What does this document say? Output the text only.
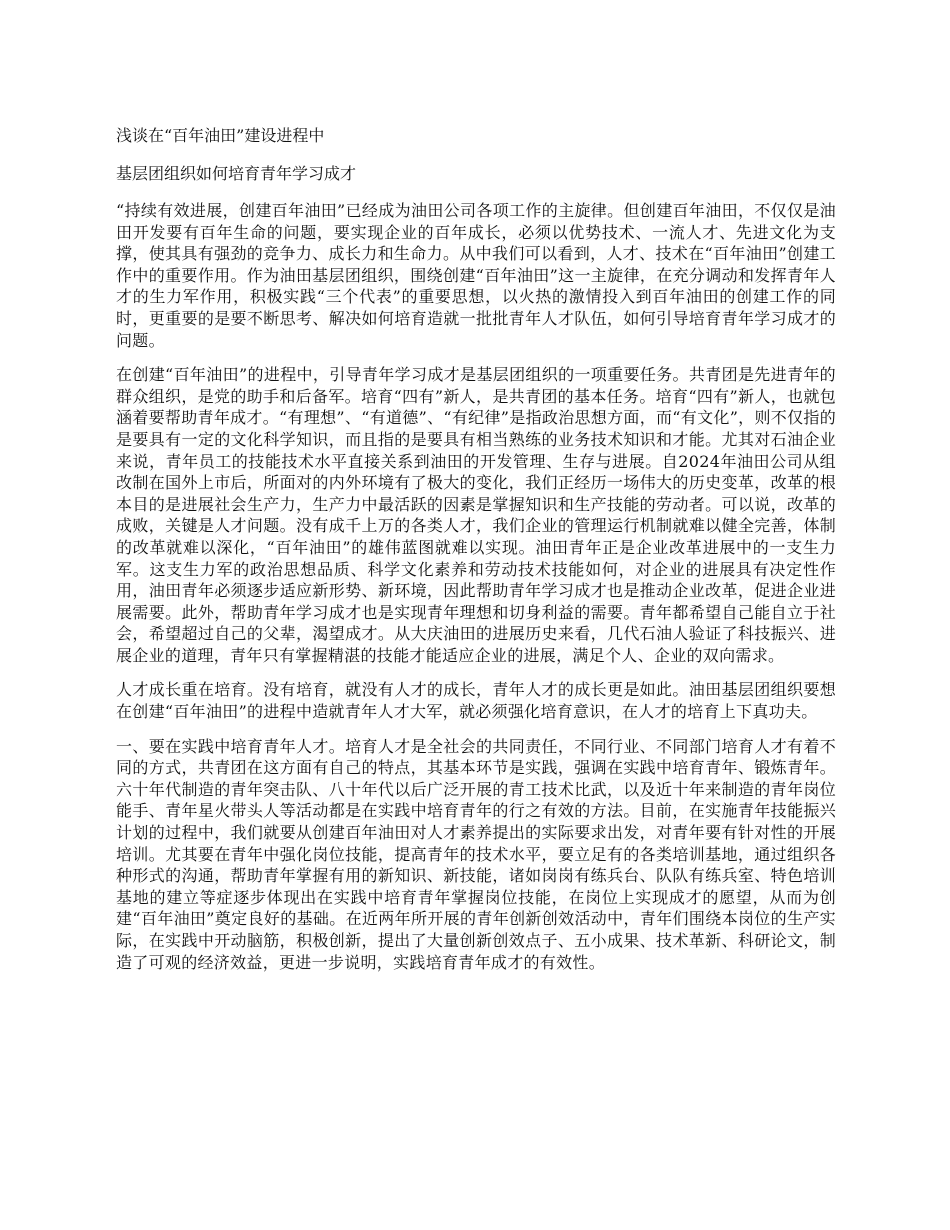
浅谈在“百年油田”建设进程中
基层团组织如何培育青年学习成才

“持续有效进展，创建百年油田”已经成为油田公司各项工作的主旋律。但创建百年油田，不仅仅是油田开发要有百年生命的问题，要实现企业的百年成长，必须以优势技术、一流人才、先进文化为支撑，使其具有强劲的竞争力、成长力和生命力。从中我们可以看到，人才、技术在“百年油田”创建工作中的重要作用。作为油田基层团组织，围绕创建“百年油田”这一主旋律，在充分调动和发挥青年人才的生力军作用，积极实践“三个代表”的重要思想，以火热的激情投入到百年油田的创建工作的同时，更重要的是要不断思考、解决如何培育造就一批批青年人才队伍，如何引导培育青年学习成才的问题。

在创建“百年油田”的进程中，引导青年学习成才是基层团组织的一项重要任务。共青团是先进青年的群众组织，是党的助手和后备军。培育“四有”新人，是共青团的基本任务。培育“四有”新人，也就包涵着要帮助青年成才。“有理想”、“有道德”、“有纪律”是指政治思想方面，而“有文化”，则不仅指的是要具有一定的文化科学知识，而且指的是要具有相当熟练的业务技术知识和才能。尤其对石油企业来说，青年员工的技能技术水平直接关系到油田的开发管理、生存与进展。自2024年油田公司从组改制在国外上市后，所面对的内外环境有了极大的变化，我们正经历一场伟大的历史变革，改革的根本目的是进展社会生产力，生产力中最活跃的因素是掌握知识和生产技能的劳动者。可以说，改革的成败，关键是人才问题。没有成千上万的各类人才，我们企业的管理运行机制就难以健全完善，体制的改革就难以深化，“百年油田”的雄伟蓝图就难以实现。油田青年正是企业改革进展中的一支生力军。这支生力军的政治思想品质、科学文化素养和劳动技术技能如何，对企业的进展具有决定性作用，油田青年必须逐步适应新形势、新环境，因此帮助青年学习成才也是推动企业改革，促进企业进展需要。此外，帮助青年学习成才也是实现青年理想和切身利益的需要。青年都希望自己能自立于社会，希望超过自己的父辈，渴望成才。从大庆油田的进展历史来看，几代石油人验证了科技振兴、进展企业的道理，青年只有掌握精湛的技能才能适应企业的进展，满足个人、企业的双向需求。

人才成长重在培育。没有培育，就没有人才的成长，青年人才的成长更是如此。油田基层团组织要想在创建“百年油田”的进程中造就青年人才大军，就必须强化培育意识，在人才的培育上下真功夫。

一、要在实践中培育青年人才。培育人才是全社会的共同责任，不同行业、不同部门培育人才有着不同的方式，共青团在这方面有自己的特点，其基本环节是实践，强调在实践中培育青年、锻炼青年。六十年代制造的青年突击队、八十年代以后广泛开展的青工技术比武，以及近十年来制造的青年岗位能手、青年星火带头人等活动都是在实践中培育青年的行之有效的方法。目前，在实施青年技能振兴计划的过程中，我们就要从创建百年油田对人才素养提出的实际要求出发，对青年要有针对性的开展培训。尤其要在青年中强化岗位技能，提高青年的技术水平，要立足有的各类培训基地，通过组织各种形式的沟通，帮助青年掌握有用的新知识、新技能，诸如岗岗有练兵台、队队有练兵室、特色培训基地的建立等症逐步体现出在实践中培育青年掌握岗位技能，在岗位上实现成才的愿望，从而为创建“百年油田”奠定良好的基础。在近两年所开展的青年创新创效活动中，青年们围绕本岗位的生产实际，在实践中开动脑筋，积极创新，提出了大量创新创效点子、五小成果、技术革新、科研论文，制造了可观的经济效益，更进一步说明，实践培育青年成才的有效性。
